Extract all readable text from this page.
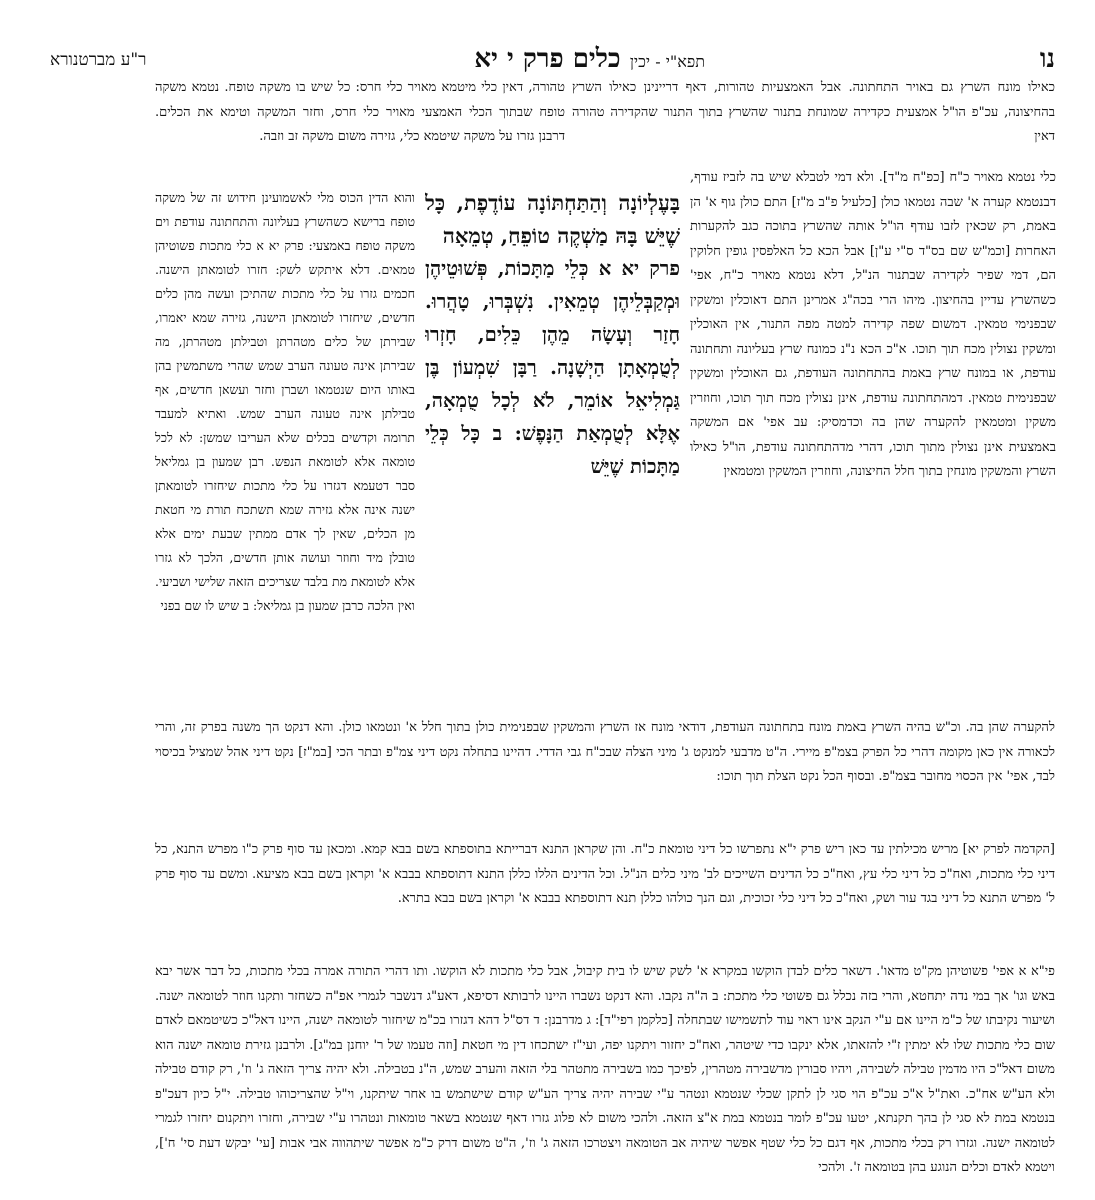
נו
תפא"י - יכין
כלים פרק י יא
ר"ע מברטנורא

כאילו מונח השרץ גם באויר התחתונה. אבל האמצעיות טהורות, דאף דריינינן כאילו השרץ בהחיצונה, עכ"פ הו"ל אמצעית כקדירה שמונחת בתנור שהשרץ בתוך התנור שהקדירה טהורה דאין

כלי נטמא מאויר כ"ח [כפ"ח מ"ד]. ולא דמי לטבלא שיש בה לזביז עודף, דבנטמא קערה א' שבה נטמאו כולן [כלעיל פ"ב מ"ז] התם כולן גוף א' הן באמת, רק שכאין לזבו עודף הו"ל אותה שהשרץ בתוכה כגב להקערות האחרות [וכמ"ש שם בס"ד ס"י ע"ן] אבל הכא כל האלפסין גופין חלוקין הם, דמי שפיר לקדירה שבתנור הנ"ל, דלא נטמא מאויר כ"ח, אפי' כשהשרץ עדיין בהחיצון. מיהו הרי בכה"ג אמרינן התם דאוכלין ומשקין שבפנימי טמאין. דמשום שפה קדירה למטה מפה התנור, אין האוכלין ומשקין נצולין מכח תוך תוכו. א"כ הכא נ"נ כמונח שרץ בעליונה ותחתונה עודפת, או במונח שרץ באמת בהתחתונה העודפת, גם האוכלין ומשקין שבפנימית טמאין. דמהתחתונה עודפת, אינן נצולין מכח תוך תוכו, וחוזרין משקין ומטמאין להקערה שהן בה וכדמסיק: עב אפי' אם המשקה באמצעית אינן נצולין מתוך תוכו, דהרי מדהתחתונה עודפת, הו"ל כאילו השרץ והמשקין מונחין בתוך חלל החיצונה, וחוזרין המשקין ומטמאין

טהורה, דאין כלי מיטמא מאויר כלי חרס: כל שיש בו משקה טופח. נטמא משקה טופח שבתוך הכלי האמצעי מאויר כלי חרס, וחזר המשקה וטימא את הכלים. דרבנן גזרו על משקה שיטמא כלי, גזירה משום משקה זב וזבה.

והוא הדין הכוס מלי לאשמועינן חידוש זה של משקה טופח ברישא כשהשרץ בעליונה והתחתונה עודפת וים משקה טופח באמצעי: פרק יא א כלי מתכות פשוטיהן טמאים. דלא איתקש לשק: חזרו לטומאתן הישנה. חכמים גזרו על כלי מתכות שהתיכן ועשה מהן כלים חדשים, שיחזרו לטומאתן הישנה, גזירה שמא יאמרו, שבירתן של כלים מטהרתן וטבילתן מטהרתן, מה שבירתן אינה טעונה הערב שמש שהרי משתמשין בהן באותו היום שנטמאו ושברן וחזר ועשאן חדשים, אף טבילתן אינה טעונה הערב שמש. ואתיא למעבד תרומה וקדשים בכלים שלא העריבו שמשן: לא לכל טומאה אלא לטומאת הנפש. רבן שמעון בן גמליאל סבר דטעמא דגזרו על כלי מתכות שיחזרו לטומאתן ישנה אינה אלא גזירה שמא תשתכח תורת מי חטאת מן הכלים, שאין לך אדם ממתין שבעת ימים אלא טובלן מיד וחוזר ועושה אותן חדשים, הלכך לא גזרו אלא לטומאת מת בלבד שצריכים הזאה שלישי ושביעי. ואין הלכה כרבן שמעון בן גמליאל: ב שיש לו שם בפני

בָּעֶלְיוֹנָה וְהַתַּחְתּוֹנָה עוֹדֶפֶת, כָּל שֶׁיֵּשׁ בָּהּ מַשְׁקֶה טוֹפֵחַ, טְמֵאָה
פרק יא א כְּלֵי מַתָּכוֹת, פְּשׁוּטֵיהֶן וּמְקַבְּלֵיהֶן טְמֵאִין. נִשְׁבְּרוּ, טָהֲרוּ. חָזַר וְעָשָׂה מֵהֶן כֵּלִים, חָזְרוּ לְטֻמְאָתָן הַיְשָׁנָה. רַבָּן שִׁמְעוֹן בֶּן גַּמְלִיאֵל אוֹמֵר, לֹא לְכָל טֻמְאָה, אֶלָּא לְטֻמְאַת הַנָּפֶשׁ: ב כָּל כְּלֵי מַתָּכוֹת שֶׁיֵּשׁ

להקערה שהן בה. וכ"ש בהיה השרץ באמת מונח בתחתונה העודפת, דודאי מונח אז השרץ והמשקין שבפנימית כולן בתוך חלל א' ונטמאו כולן. והא דנקט הך משנה בפרק זה, והרי לכאורה אין כאן מקומה דהרי כל הפרק בצמ"פ מיירי. ה"ט מדבעי למנקט ג' מיני הצלה שבכ"ח גבי הדדי. דהיינו בתחלה נקט דיני צמ"פ ובתר הכי [במ"ז] נקט דיני אהל שמציל בכיסוי לבד, אפי' אין הכסוי מחובר בצמ"פ. ובסוף הכל נקט הצלת תוך תוכו:

[הקדמה לפרק יא] מריש מכילתין עד כאן ריש פרק י"א נתפרשו כל דיני טומאת כ"ח. והן שקראן התנא דברייתא בתוספתא בשם בבא קמא. ומכאן עד סוף פרק כ"ו מפרש התנא, כל דיני כלי מתכות, ואח"כ כל דיני כלי עץ, ואח"כ כל הדינים השייכים לב' מיני כלים הנ"ל. וכל הדינים הללו כללן התנא דתוספתא בבבא א' וקראן בשם בבא מציעא. ומשם עד סוף פרק ל' מפרש התנא כל דיני בגד עור ושק, ואח"כ כל דיני כלי זכוכית, וגם הנך כולהו כללן תנא דתוספתא בבבא א' וקראן בשם בבא בתרא.

פי"א א אפי' פשוטיהן מק"ט מדאו'. דשאר כלים לבדן הוקשו במקרא א' לשק שיש לו בית קיבול, אבל כלי מתכות לא הוקשו. ותו דהרי התורה אמרה בכלי מתכות, כל דבר אשר יבא באש וגו' אך במי נדה יתחטא, והרי בזה נכלל גם פשוטי כלי מתכת: ב ה"ה נקבו. והא דנקט נשברו היינו לרבותא דסיפא, דאע"ג דנשבר לגמרי אפ"ה כשחזר ותקנו חוזר לטומאה ישנה. ושיעור נקיבתו של כ"מ היינו אם ע"י הנקב אינו ראוי עוד לתשמישו שבתחלה [כלקמן רפי"ד]: ג מדרבנן: ד דס"ל דהא דגזרו בכ"מ שיחזור לטומאה ישנה, היינו דאל"כ כשיטמאם לאדם שום כלי מתכות שלו לא ימתין ז"י להזאתו, אלא ינקבו כדי שיטהר, ואח"כ יחזור ויתקנו יפה, ועי"ז ישתכחו דין מי חטאת [וזה טעמו של ר' יוחנן במ"ג]. ולרבנן גזירת טומאה ישנה הוא משום דאל"כ היו מדמין טבילה לשבירה, ויהיו סבורין מדשבירה מטהרין, לפיכך כמו בשבירה מתטהר בלי הזאה והערב שמש, ה"נ בטבילה. ולא יהיה צריך הזאה ג' וז', רק קודם טבילה ולא הע"ש אח"כ. ואת"ל א"כ עכ"פ הוי סגי לן לתקן שכלי שנטמא ונטהר ע"י שבירה יהיה צריך הע"ש קודם שישתמש בו אחר שיתקנו, וי"ל שהצריכוהו טבילה. י"ל כיון דעכ"פ בנטמא במת לא סגי לן בהך תקנתא, יטעו עכ"פ לומר בנטמא במת א"צ הזאה. ולהכי משום לא פלוג גזרו דאף שנטמא בשאר טומאות ונטהרו ע"י שבירה, וחזרו ויתקנום יחזרו לגמרי לטומאה ישנה. וגזרו רק בכלי מתכות, אף דגם כל כלי שטף אפשר שיהיה אב הטומאה ויצטרכו הזאה ג' וז', ה"ט משום דרק כ"מ אפשר שיתהווה אבי אבות [עי' יבקש דעת סי' ח'], ויטמא לאדם וכלים הנוגע בהן בטומאה ז'. ולהכי
